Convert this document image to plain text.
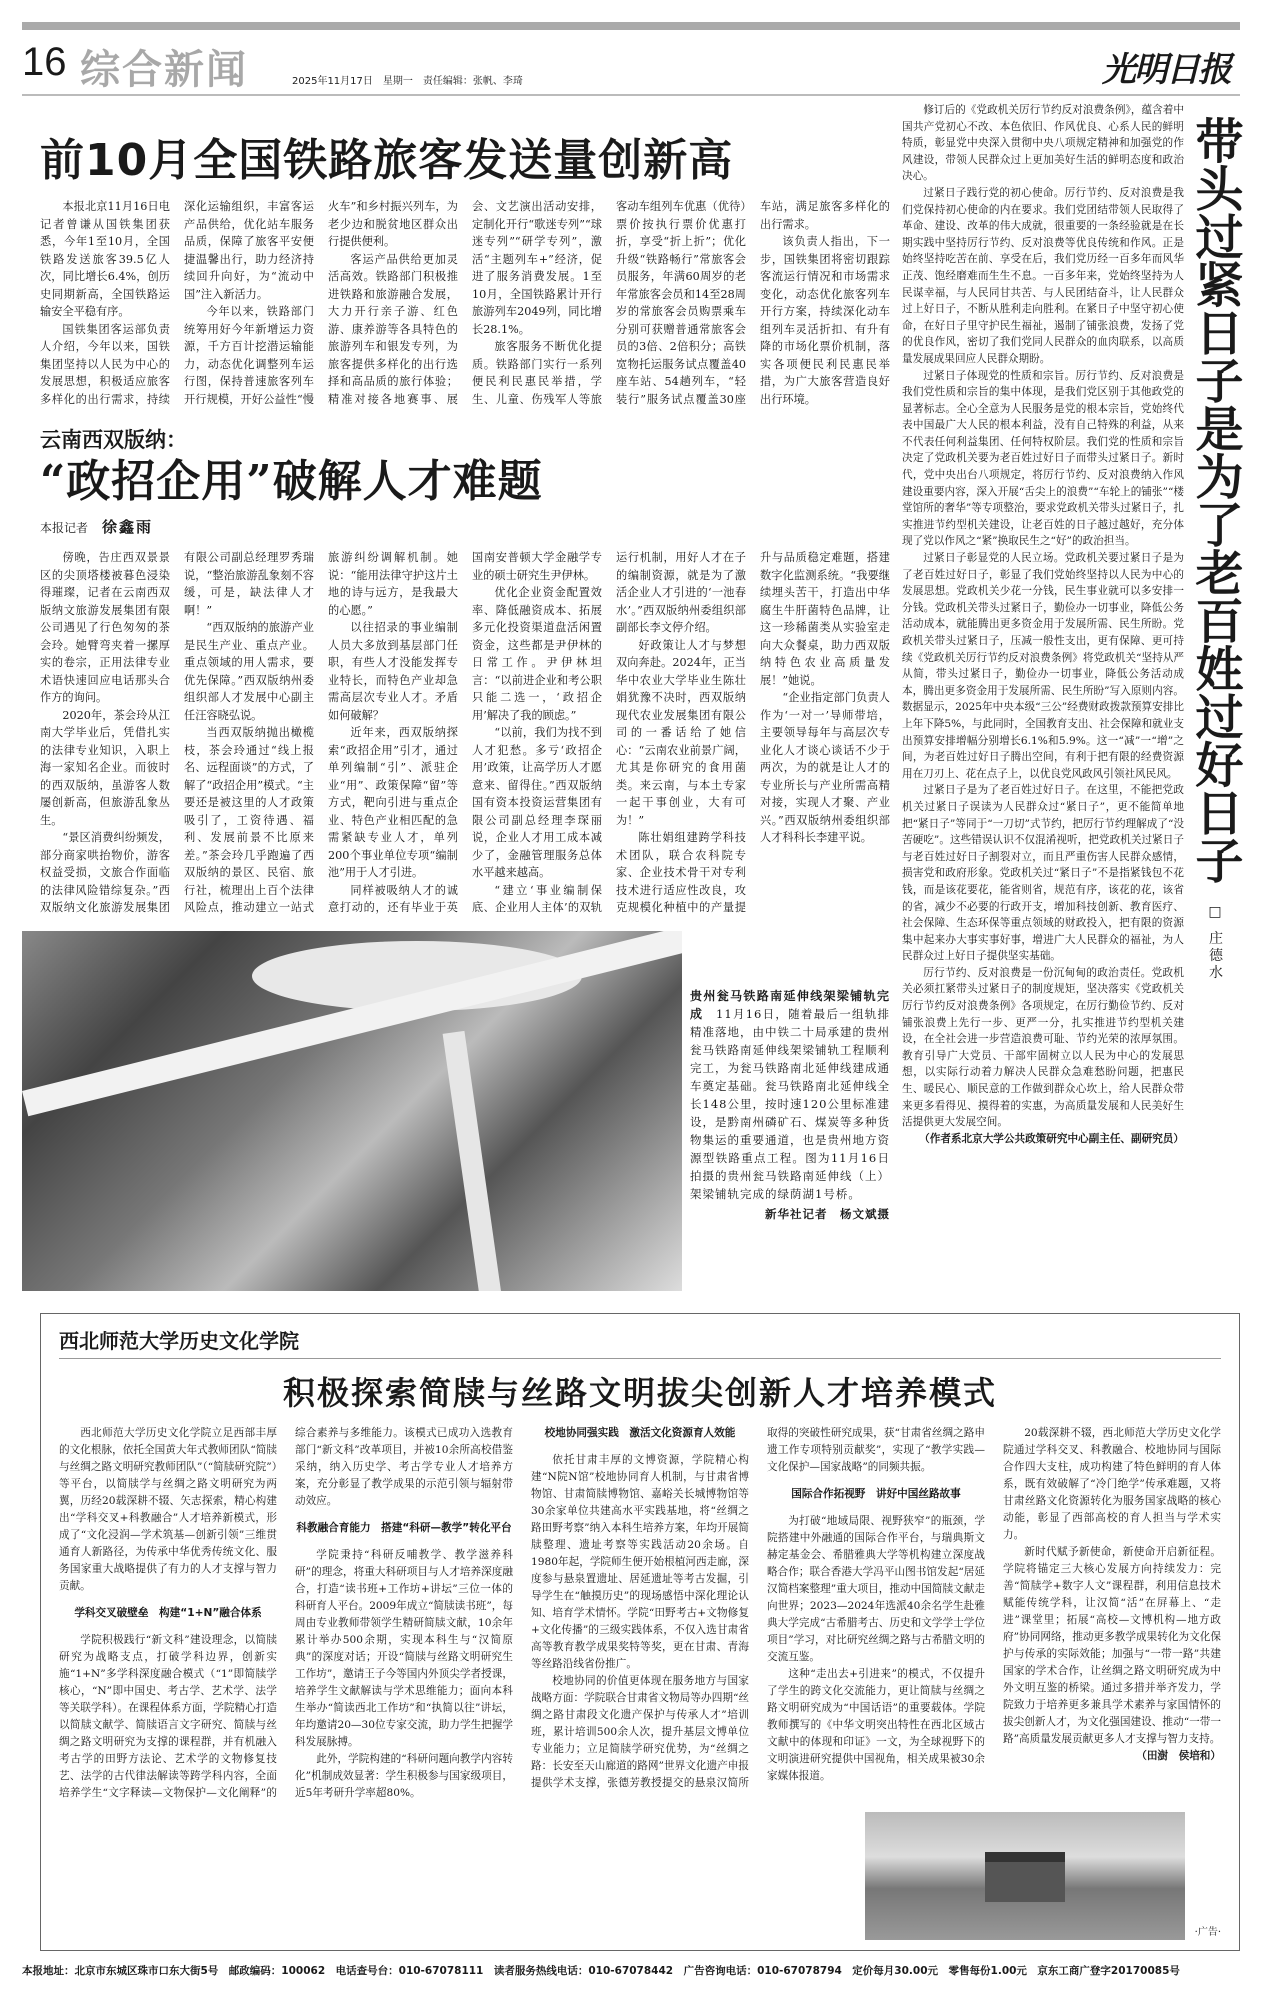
16 综合新闻	2025年11月17日　星期一　责任编辑：张帆、李琦	光明日报
前10月全国铁路旅客发送量创新高

本报北京11月16日电　记者曾谦从国铁集团获悉，今年1至10月，全国铁路发送旅客39.5亿人次，同比增长6.4%，创历史同期新高，全国铁路运输安全平稳有序。

国铁集团客运部负责人介绍，今年以来，国铁集团坚持以人民为中心的发展思想，积极适应旅客多样化的出行需求，持续深化运输组织，丰富客运产品供给，优化站车服务品质，保障了旅客平安便捷温馨出行，助力经济持续回升向好，为“流动中国”注入新活力。

今年以来，铁路部门统筹用好今年新增运力资源，千方百计挖潜运输能力，动态优化调整列车运行图，保持普速旅客列车开行规模，开好公益性“慢火车”和乡村振兴列车，为老少边和脱贫地区群众出行提供便利。

客运产品供给更加灵活高效。铁路部门积极推进铁路和旅游融合发展，大力开行亲子游、红色游、康养游等各具特色的旅游列车和银发专列，为旅客提供多样化的出行选择和高品质的旅行体验；精准对接各地赛事、展会、文艺演出活动安排，定制化开行“歌迷专列”“球迷专列”“研学专列”，激活“主题列车+”经济，促进了服务消费发展。1至10月，全国铁路累计开行旅游列车2049列，同比增长28.1%。

旅客服务不断优化提质。铁路部门实行一系列便民利民惠民举措，学生、儿童、伤残军人等旅客动车组列车优惠（优待）票价按执行票价优惠打折，享受“折上折”；优化升级“铁路畅行”常旅客会员服务，年满60周岁的老年常旅客会员和14至28周岁的常旅客会员购票乘车分别可获赠普通常旅客会员的3倍、2倍积分；高铁宽物托运服务试点覆盖40座车站、54趟列车，“轻装行”服务试点覆盖30座车站，满足旅客多样化的出行需求。

该负责人指出，下一步，国铁集团将密切跟踪客流运行情况和市场需求变化，动态优化旅客列车开行方案，持续深化动车组列车灵活折扣、有升有降的市场化票价机制，落实各项便民利民惠民举措，为广大旅客营造良好出行环境。

云南西双版纳：
“政招企用”破解人才难题
本报记者 徐鑫雨

傍晚，告庄西双景景区的尖顶塔楼被暮色浸染得璀璨，记者在云南西双版纳文旅游发展集团有限公司遇见了行色匆匆的茶会玲。她臂弯夹着一摞厚实的卷宗，正用法律专业术语快速回应电话那头合作方的询问。

2020年，茶会玲从江南大学毕业后，凭借扎实的法律专业知识，入职上海一家知名企业。而彼时的西双版纳，虽游客人数屡创新高，但旅游乱象丛生。

“景区消费纠纷频发，部分商家哄抬物价，游客权益受损，文旅合作面临的法律风险错综复杂。”西双版纳文化旅游发展集团有限公司副总经理罗秀瑞说，“整治旅游乱象刻不容缓，可是，缺法律人才啊！”

“西双版纳的旅游产业是民生产业、重点产业。重点领域的用人需求，要优先保障。”西双版纳州委组织部人才发展中心副主任汪容晓弘说。

当西双版纳抛出橄榄枝，茶会玲通过“线上报名、远程面谈”的方式，了解了“政招企用”模式。“主要还是被这里的人才政策吸引了，工资待遇、福利、发展前景不比原来差。”茶会玲几乎跑遍了西双版纳的景区、民宿、旅行社，梳理出上百个法律风险点，推动建立一站式旅游纠纷调解机制。她说：“能用法律守护这片土地的诗与远方，是我最大的心愿。”

以往招录的事业编制人员大多放到基层部门任职，有些人才没能发挥专业特长，而特色产业却急需高层次专业人才。矛盾如何破解？

近年来，西双版纳探索“政招企用”引才，通过单列编制“引”、派驻企业“用”、政策保障“留”等方式，靶向引进与重点企业、特色产业相匹配的急需紧缺专业人才，单列200个事业单位专项“编制池”用于人才引进。

同样被吸纳人才的诚意打动的，还有毕业于英国南安普顿大学金融学专业的硕士研究生尹伊林。

优化企业资金配置效率、降低融资成本、拓展多元化投资渠道盘活闲置资金，这些都是尹伊林的日常工作。尹伊林坦言：“以前进企业和考公职只能二选一，‘政招企用’解决了我的顾虑。”

“以前，我们为找不到人才犯愁。多亏‘政招企用’政策，让高学历人才愿意来、留得住。”西双版纳国有资本投资运营集团有限公司副总经理李琛丽说，企业人才用工成本减少了，金融管理服务总体水平越来越高。

“建立‘事业编制保底、企业用人主体’的双轨运行机制，用好人才在子的编制资源，就是为了激活企业人才引进的‘一池春水’。”西双版纳州委组织部副部长李文停介绍。

好政策让人才与梦想双向奔赴。2024年，正当华中农业大学毕业生陈壮娟犹豫不决时，西双版纳现代农业发展集团有限公司的一番话给了她信心：“云南农业前景广阔，尤其是你研究的食用菌类。来云南，与本土专家一起干事创业，大有可为！”

陈壮娟组建跨学科技术团队，联合农科院专家、企业技术骨干对专利技术进行适应性改良，攻克规模化种植中的产量提升与品质稳定难题，搭建数字化监测系统。“我要继续埋头苦干，打造出中华腐生牛肝菌特色品牌，让这一珍稀菌类从实验室走向大众餐桌，助力西双版纳特色农业高质量发展！”她说。

“企业指定部门负责人作为‘一对一’导师带培，主要领导每年与高层次专业化人才谈心谈话不少于两次，为的就是让人才的专业所长与产业所需高精对接，实现人才聚、产业兴。”西双版纳州委组织部人才科科长李建平说。

贵州瓮马铁路南延伸线架梁铺轨完成　 11月16日，随着最后一组轨排精准落地，由中铁二十局承建的贵州瓮马铁路南延伸线架梁铺轨工程顺利完工，为瓮马铁路南北延伸线建成通车奠定基础。瓮马铁路南北延伸线全长148公里，按时速120公里标准建设，是黔南州磷矿石、煤炭等多种货物集运的重要通道，也是贵州地方资源型铁路重点工程。图为11月16日拍摄的贵州瓮马铁路南延伸线（上）架梁铺轨完成的绿荫湖1号桥。
新华社记者　杨文斌摄

修订后的《党政机关厉行节约反对浪费条例》，蕴含着中国共产党初心不改、本色依旧、作风优良、心系人民的鲜明特质，彰显党中央深入贯彻中央八项规定精神和加强党的作风建设，带领人民群众过上更加美好生活的鲜明态度和政治决心。

过紧日子践行党的初心使命。厉行节约、反对浪费是我们党保持初心使命的内在要求。我们党团结带领人民取得了革命、建设、改革的伟大成就，很重要的一条经验就是在长期实践中坚持厉行节约、反对浪费等优良传统和作风。正是始终坚持吃苦在前、享受在后，我们党历经一百多年而风华正茂、饱经磨难而生生不息。一百多年来，党始终坚持为人民谋幸福，与人民同甘共苦、与人民团结奋斗，让人民群众过上好日子，不断从胜利走向胜利。在紧日子中坚守初心使命，在好日子里守护民生福祉，遏制了铺张浪费，发扬了党的优良作风，密切了我们党同人民群众的血肉联系，以高质量发展成果回应人民群众期盼。

过紧日子体现党的性质和宗旨。厉行节约、反对浪费是我们党性质和宗旨的集中体现，是我们党区别于其他政党的显著标志。全心全意为人民服务是党的根本宗旨，党始终代表中国最广大人民的根本利益，没有自己特殊的利益，从来不代表任何利益集团、任何特权阶层。我们党的性质和宗旨决定了党政机关要为老百姓过好日子而带头过紧日子。新时代，党中央出台八项规定，将厉行节约、反对浪费纳入作风建设重要内容，深入开展“舌尖上的浪费”“车轮上的铺张”“楼堂馆所的奢华”等专项整治，要求党政机关带头过紧日子，扎实推进节约型机关建设，让老百姓的日子越过越好，充分体现了党以作风之“紧”换取民生之“好”的政治担当。

过紧日子彰显党的人民立场。党政机关要过紧日子是为了老百姓过好日子，彰显了我们党始终坚持以人民为中心的发展思想。党政机关少花一分钱，民生事业就可以多安排一分钱。党政机关带头过紧日子，勤俭办一切事业，降低公务活动成本，就能腾出更多资金用于发展所需、民生所盼。党政机关带头过紧日子，压减一般性支出，更有保障、更可持续《党政机关厉行节约反对浪费条例》将党政机关“坚持从严从简，带头过紧日子，勤俭办一切事业，降低公务活动成本，腾出更多资金用于发展所需、民生所盼”写入原则内容。数据显示，2025年中央本级“三公”经费财政拨款预算安排比上年下降5%，与此同时，全国教育支出、社会保障和就业支出预算安排增幅分别增长6.1%和5.9%。这一“减”一“增”之间，为老百姓过好日子腾出空间，有利于把有限的经费资源用在刀刃上、花在点子上，以优良党风政风引领社风民风。

过紧日子是为了老百姓过好日子。在这里，不能把党政机关过紧日子误读为人民群众过“紧日子”，更不能简单地把“紧日子”等同于“一刀切”式节约，把厉行节约理解成了“没苦硬吃”。这些错误认识不仅混淆视听，把党政机关过紧日子与老百姓过好日子割裂对立，而且严重伤害人民群众感情，损害党和政府形象。党政机关过“紧日子”不是指紧钱包不花钱，而是该花要花，能省则省，规范有序，该花的花，该省的省，减少不必要的行政开支，增加科技创新、教育医疗、社会保障、生态环保等重点领域的财政投入，把有限的资源集中起来办大事实事好事，增进广大人民群众的福祉，为人民群众过上好日子提供坚实基础。

厉行节约、反对浪费是一份沉甸甸的政治责任。党政机关必须扛紧带头过紧日子的制度规矩，坚决落实《党政机关厉行节约反对浪费条例》各项规定，在厉行勤俭节约、反对铺张浪费上先行一步、更严一分，扎实推进节约型机关建设，在全社会进一步营造浪费可耻、节约光荣的浓厚氛围。教育引导广大党员、干部牢固树立以人民为中心的发展思想，以实际行动着力解决人民群众急难愁盼问题，把惠民生、暖民心、顺民意的工作做到群众心坎上，给人民群众带来更多看得见、摸得着的实惠，为高质量发展和人民美好生活提供更大发展空间。

（作者系北京大学公共政策研究中心副主任、副研究员）

带头过紧日子是为了老百姓过好日子
□ 庄德水
西北师范大学历史文化学院
积极探索简牍与丝路文明拔尖创新人才培养模式

西北师范大学历史文化学院立足西部丰厚的文化根脉，依托全国黄大年式教师团队“简牍与丝绸之路文明研究教师团队”（“简牍研究院”）等平台，以简牍学与丝绸之路文明研究为两翼，历经20载深耕不辍、矢志探索，精心构建出“学科交叉+科教融合”人才培养新模式，形成了“文化浸润—学术筑基—创新引领”三维贯通育人新路径，为传承中华优秀传统文化、服务国家重大战略提供了有力的人才支撑与智力贡献。

学科交叉破壁垒　构建“1+N”融合体系

学院积极践行“新文科”建设理念，以简牍研究为战略支点，打破学科边界，创新实施“1+N”多学科深度融合模式（“1”即简牍学核心，“N”即中国史、考古学、艺术学、法学等关联学科）。在课程体系方面，学院精心打造以简牍文献学、简牍语言文字研究、简牍与丝绸之路文明研究为支撑的课程群，并有机融入考古学的田野方法论、艺术学的文物修复技艺、法学的古代律法解读等跨学科内容，全面培养学生“文字释读—文物保护—文化阐释”的综合素养与多维能力。该模式已成功入选教育部门“新文科”改革项目，并被10余所高校借鉴采纳，纳入历史学、考古学专业人才培养方案，充分彰显了教学成果的示范引领与辐射带动效应。

科教融合育能力　搭建“科研—教学”转化平台

学院秉持“科研反哺教学、教学滋养科研”的理念，将重大科研项目与人才培养深度融合，打造“读书班+工作坊+讲坛”三位一体的科研育人平台。2009年成立“简牍读书班”，每周由专业教师带领学生精研简牍文献，10余年累计举办500余期，实现本科生与“汉简原典”的深度对话；开设“简牍与丝路文明研究生工作坊”，邀请王子今等国内外顶尖学者授课，培养学生文献解读与学术思维能力；面向本科生举办“简读西北工作坊”和“执简以往”讲坛，年均邀请20—30位专家交流，助力学生把握学科发展脉搏。

此外，学院构建的“科研问题向教学内容转化”机制成效显著：学生积极参与国家级项目，近5年考研升学率超80%。

校地协同强实践　激活文化资源育人效能

依托甘肃丰厚的文博资源，学院精心构建“N院N馆”校地协同育人机制，与甘肃省博物馆、甘肃简牍博物馆、嘉峪关长城博物馆等30余家单位共建高水平实践基地，将“丝绸之路田野考察”纳入本科生培养方案，年均开展简牍整理、遗址考察等实践活动20余场。自1980年起，学院师生便开始根植河西走廊，深度参与悬泉置遗址、居延遗址等考古发掘，引导学生在“触摸历史”的现场感悟中深化理论认知、培育学术情怀。学院“田野考古+文物修复+文化传播”的三级实践体系，不仅入选甘肃省高等教育教学成果奖特等奖，更在甘肃、青海等丝路沿线省份推广。

校地协同的价值更体现在服务地方与国家战略方面：学院联合甘肃省文物局等办四期“丝绸之路甘肃段文化遗产保护与传承人才”培训班，累计培训500余人次，提升基层文博单位专业能力；立足简牍学研究优势，为“丝绸之路：长安至天山廊道的路网”世界文化遗产申报提供学术支撑，张德芳教授提交的悬泉汉简所取得的突破性研究成果，获“甘肃省丝绸之路申遗工作专项特别贡献奖”，实现了“教学实践—文化保护—国家战略”的同频共振。

国际合作拓视野　讲好中国丝路故事

为打破“地域局限、视野狭窄”的瓶颈，学院搭建中外融通的国际合作平台，与瑞典斯文赫定基金会、希腊雅典大学等机构建立深度战略合作；联合香港大学冯平山图书馆发起“居延汉简档案整理”重大项目，推动中国简牍文献走向世界；2023—2024年选派40余名学生赴雅典大学完成“古希腊考古、历史和文学学士学位项目”学习，对比研究丝绸之路与古希腊文明的交流互鉴。

这种“走出去+引进来”的模式，不仅提升了学生的跨文化交流能力，更让简牍与丝绸之路文明研究成为“中国话语”的重要载体。学院教师撰写的《中华文明突出特性在西北区域古文献中的体现和印证》一文，为全球视野下的文明演进研究提供中国视角，相关成果被30余家媒体报道。

20载深耕不辍，西北师范大学历史文化学院通过学科交叉、科教融合、校地协同与国际合作四大支柱，成功构建了特色鲜明的育人体系，既有效破解了“冷门绝学”传承难题，又将甘肃丝路文化资源转化为服务国家战略的核心动能，彰显了西部高校的育人担当与学术实力。

新时代赋予新使命，新使命开启新征程。学院将锚定三大核心发展方向持续发力：完善“简牍学+数字人文”课程群，利用信息技术赋能传统学科，让汉简“活”在屏幕上、“走进”课堂里；拓展“高校—文博机构—地方政府”协同网络，推动更多教学成果转化为文化保护与传承的实际效能；加强与“一带一路”共建国家的学术合作，让丝绸之路文明研究成为中外文明互鉴的桥梁。通过多措并举齐发力，学院致力于培养更多兼具学术素养与家国情怀的拔尖创新人才，为文化强国建设、推动“一带一路”高质量发展贡献更多人才支撑与智力支持。

（田澍　侯培和）

·广告·
本报地址：北京市东城区珠市口东大街5号　邮政编码：100062　电话查号台：010-67078111　读者服务热线电话：010-67078442　广告咨询电话：010-67078794　定价每月30.00元　零售每份1.00元　京东工商广登字20170085号
